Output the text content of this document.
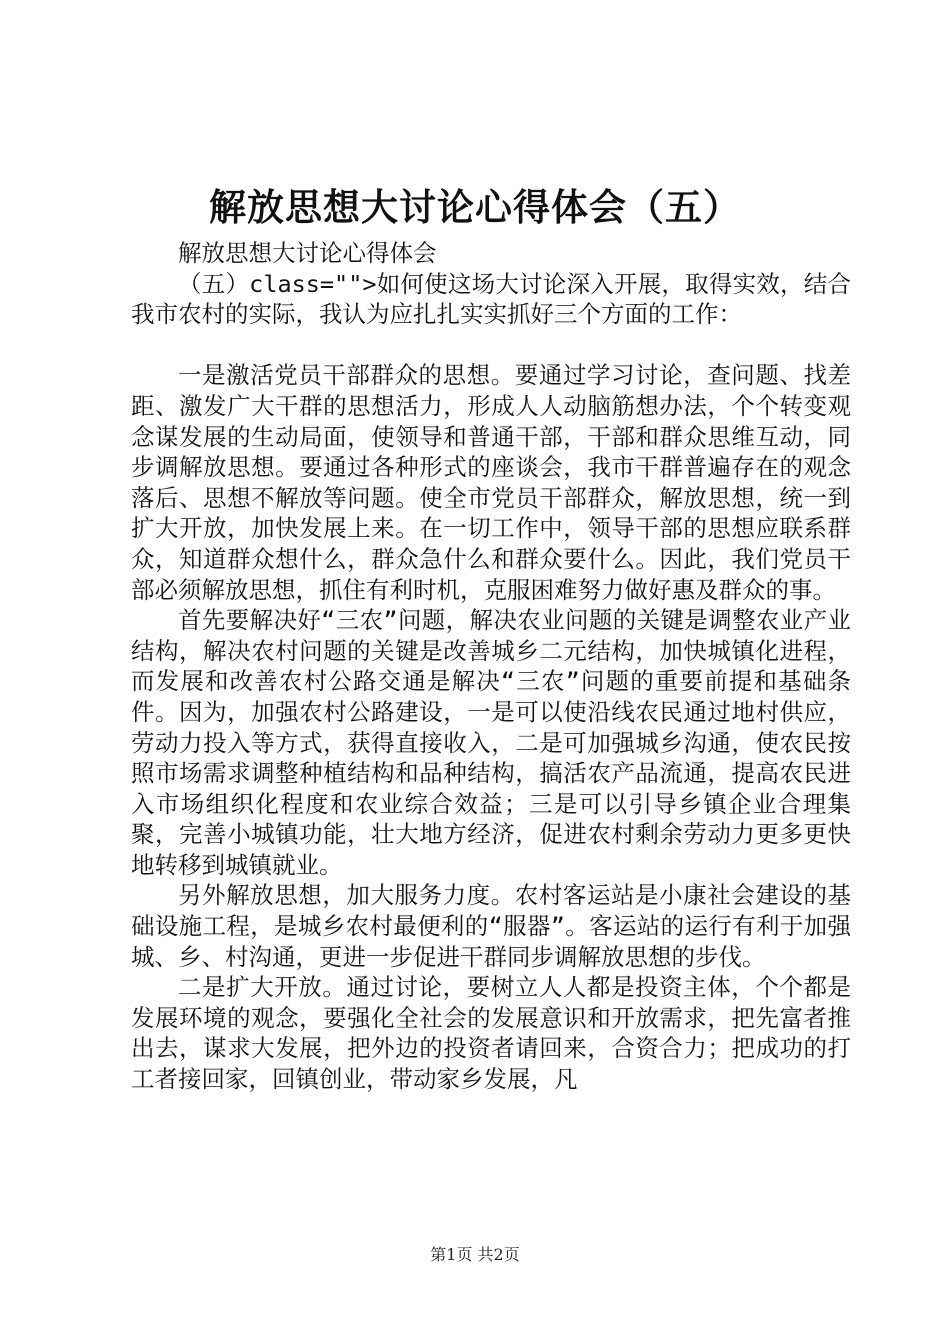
解放思想大讨论心得体会（五）

解放思想大讨论心得体会

（五）class="">如何使这场大讨论深入开展，取得实效，结合我市农村的实际，我认为应扎扎实实抓好三个方面的工作：

一是激活党员干部群众的思想。要通过学习讨论，查问题、找差距、激发广大干群的思想活力，形成人人动脑筋想办法，个个转变观念谋发展的生动局面，使领导和普通干部，干部和群众思维互动，同步调解放思想。要通过各种形式的座谈会，我市干群普遍存在的观念落后、思想不解放等问题。使全市党员干部群众，解放思想，统一到扩大开放，加快发展上来。在一切工作中，领导干部的思想应联系群众，知道群众想什么，群众急什么和群众要什么。因此，我们党员干部必须解放思想，抓住有利时机，克服困难努力做好惠及群众的事。

首先要解决好“三农”问题，解决农业问题的关键是调整农业产业结构，解决农村问题的关键是改善城乡二元结构，加快城镇化进程，而发展和改善农村公路交通是解决“三农”问题的重要前提和基础条件。因为，加强农村公路建设，一是可以使沿线农民通过地村供应，劳动力投入等方式，获得直接收入，二是可加强城乡沟通，使农民按照市场需求调整种植结构和品种结构，搞活农产品流通，提高农民进入市场组织化程度和农业综合效益；三是可以引导乡镇企业合理集聚，完善小城镇功能，壮大地方经济，促进农村剩余劳动力更多更快地转移到城镇就业。

另外解放思想，加大服务力度。农村客运站是小康社会建设的基础设施工程，是城乡农村最便利的“服器”。客运站的运行有利于加强城、乡、村沟通，更进一步促进干群同步调解放思想的步伐。

二是扩大开放。通过讨论，要树立人人都是投资主体，个个都是发展环境的观念，要强化全社会的发展意识和开放需求，把先富者推出去，谋求大发展，把外边的投资者请回来，合资合力；把成功的打工者接回家，回镇创业，带动家乡发展，凡

第1页 共2页
